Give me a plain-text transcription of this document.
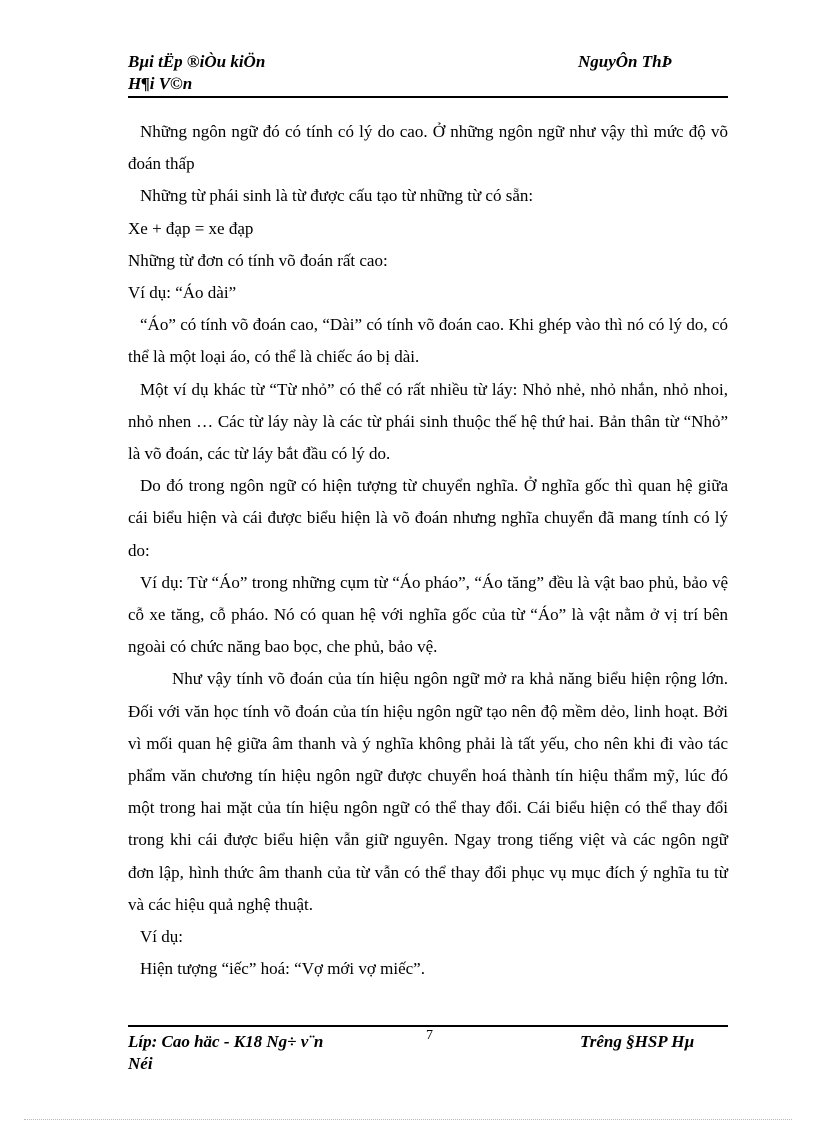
Bµi tËp ®iÒu kiÖn
H¶i V©n
NguyÔn ThÞ

Những ngôn ngữ đó có tính có lý do cao. Ở những ngôn ngữ như vậy thì mức độ võ đoán thấp

Những từ phái sinh là từ được cấu tạo từ những từ có sẵn:

Xe + đạp = xe đạp

Những từ đơn có tính võ đoán rất cao:

Ví dụ: “Áo dài”

“Áo” có tính võ đoán cao, “Dài” có tính võ đoán cao. Khi ghép vào thì nó có lý do, có thể là một loại áo, có thể là chiếc áo bị dài.

Một ví dụ khác từ “Từ nhỏ” có thể có rất nhiều từ láy: Nhỏ nhẻ, nhỏ nhắn, nhỏ nhoi, nhỏ nhen … Các từ láy này là các từ phái sinh thuộc thế hệ thứ hai. Bản thân từ “Nhỏ” là võ đoán, các từ láy bắt đầu có lý do.

Do đó trong ngôn ngữ có hiện tượng từ chuyển nghĩa. Ở nghĩa gốc thì quan hệ giữa cái biểu hiện và cái được biểu hiện là võ đoán nhưng nghĩa chuyển đã mang tính có lý do:

Ví dụ: Từ “Áo” trong những cụm từ “Áo pháo”, “Áo tăng” đều là vật bao phủ, bảo vệ cỗ xe tăng, cỗ pháo. Nó có quan hệ với nghĩa gốc của từ “Áo” là vật nằm ở vị trí bên ngoài có chức năng bao bọc, che phủ, bảo vệ.

Như vậy tính võ đoán của tín hiệu ngôn ngữ mở ra khả năng biểu hiện rộng lớn. Đối với văn học tính võ đoán của tín hiệu ngôn ngữ tạo nên độ mềm dẻo, linh hoạt. Bởi vì mối quan hệ giữa âm thanh và ý nghĩa không phải là tất yếu, cho nên khi đi vào tác phẩm văn chương tín hiệu ngôn ngữ được chuyển hoá thành tín hiệu thẩm mỹ, lúc đó một trong hai mặt của tín hiệu ngôn ngữ có thể thay đổi. Cái biểu hiện có thể thay đổi trong khi cái được biểu hiện vẫn giữ nguyên. Ngay trong tiếng việt và các ngôn ngữ đơn lập, hình thức âm thanh của từ vẫn có thể thay đổi phục vụ mục đích ý nghĩa tu từ và các hiệu quả nghệ thuật.

Ví dụ:

Hiện tượng “iếc” hoá: “Vợ mới vợ miếc”.

Líp: Cao häc - K18 Ng÷ v¨n
Néi
7	Trêng §HSP Hµ
